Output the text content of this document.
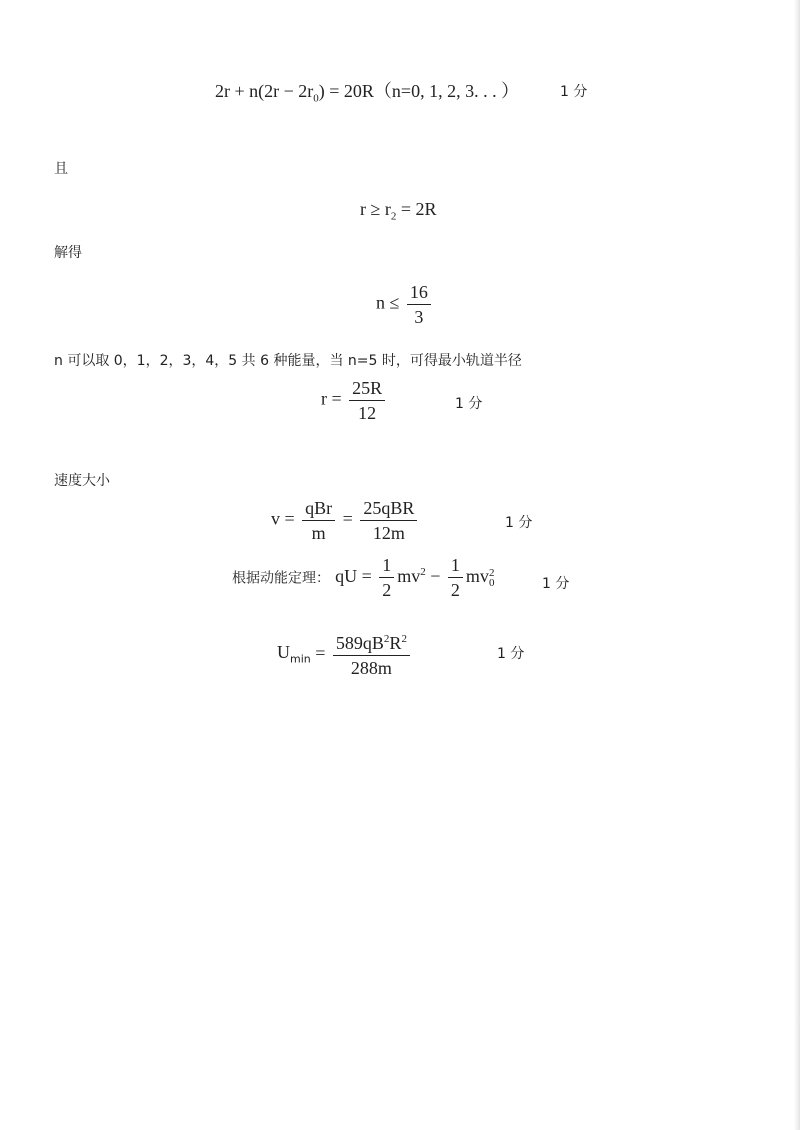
$2r + n(2r - 2r_0) = 20R(n=0$, 1, 2, 3. . . ）	1 分
且
$r \ge r_2 = 2R$
解得
$n \le \frac{16}{3}$
n 可以取 0，1，2，3，4，5 共 6 种能量，当 n=5 时，可得最小轨道半径
$r = \frac{25R}{12}$	1 分
速度大小
$v = \frac{\text{qBr}}{m} = \frac{\text{25qBR}}{12m}$	1 分
根据动能定理： qU = $\frac{1}{2} mv^2 - \frac{1}{2}$ mv 2
0	1 分
$U_{min} = \frac{589qB^2R^2}{288m}$	1 分
